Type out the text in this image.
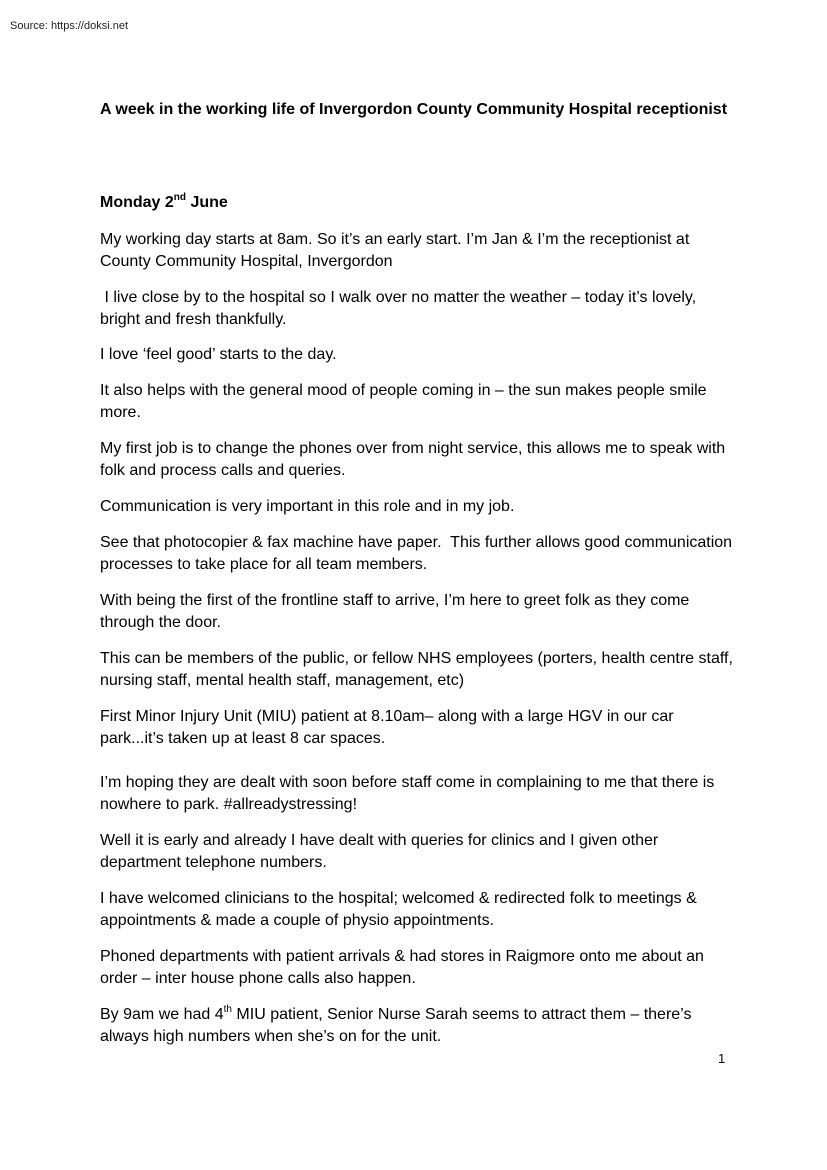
Source: https://doksi.net
A week in the working life of Invergordon County Community Hospital receptionist
Monday 2nd June

My working day starts at 8am. So it’s an early start. I’m Jan & I’m the receptionist at County Community Hospital, Invergordon

I live close by to the hospital so I walk over no matter the weather – today it’s lovely, bright and fresh thankfully.

I love ‘feel good’ starts to the day.

It also helps with the general mood of people coming in – the sun makes people smile more.

My first job is to change the phones over from night service, this allows me to speak with folk and process calls and queries.

Communication is very important in this role and in my job.

See that photocopier & fax machine have paper.  This further allows good communication processes to take place for all team members.

With being the first of the frontline staff to arrive, I’m here to greet folk as they come through the door.

This can be members of the public, or fellow NHS employees (porters, health centre staff, nursing staff, mental health staff, management, etc)

First Minor Injury Unit (MIU) patient at 8.10am– along with a large HGV in our car park...it’s taken up at least 8 car spaces.

I’m hoping they are dealt with soon before staff come in complaining to me that there is nowhere to park. #allreadystressing!

Well it is early and already I have dealt with queries for clinics and I given other department telephone numbers.

I have welcomed clinicians to the hospital; welcomed & redirected folk to meetings & appointments & made a couple of physio appointments.

Phoned departments with patient arrivals & had stores in Raigmore onto me about an order – inter house phone calls also happen.

By 9am we had 4th MIU patient, Senior Nurse Sarah seems to attract them – there’s always high numbers when she’s on for the unit.

1
